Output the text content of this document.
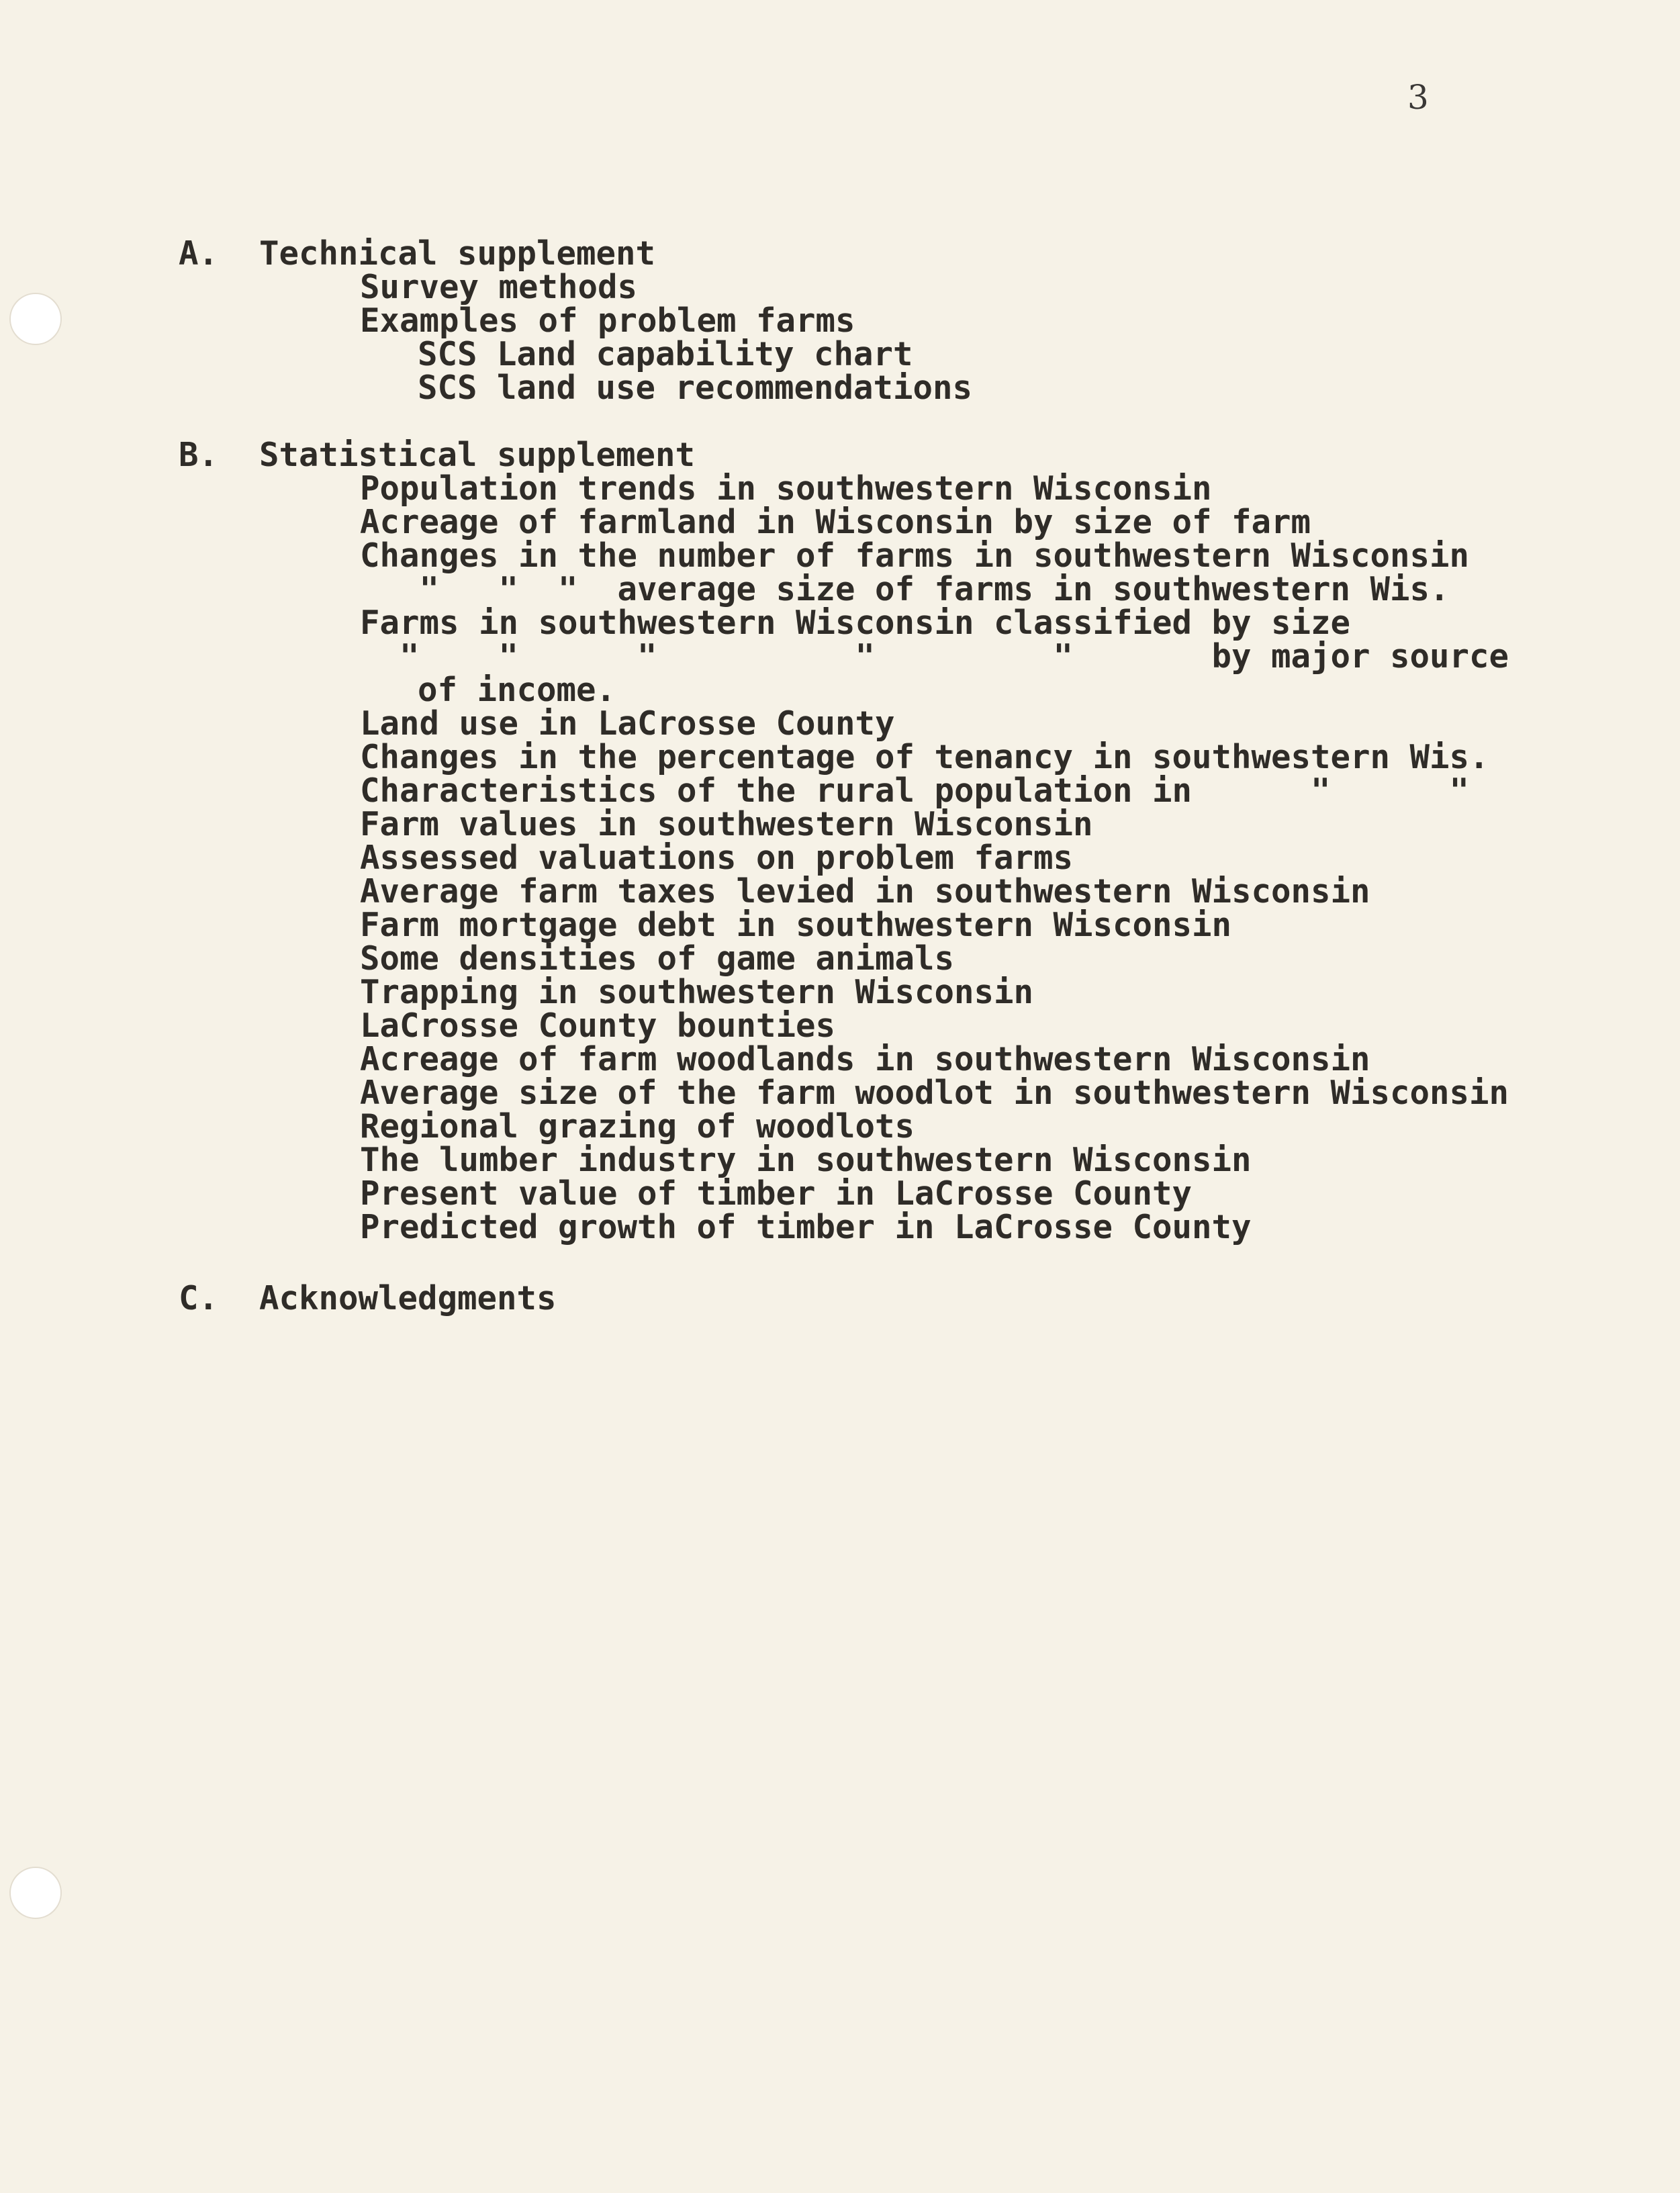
3
A. Technical supplement
Survey methods
Examples of problem farms
SCS Land capability chart
SCS land use recommendations
B. Statistical supplement
Population trends in southwestern Wisconsin
Acreage of farmland in Wisconsin by size of farm
Changes in the number of farms in southwestern Wisconsin
"   "  "  average size of farms in southwestern Wis.
Farms in southwestern Wisconsin classified by size
"    "      "          "         "       by major source
of income.
Land use in LaCrosse County
Changes in the percentage of tenancy in southwestern Wis.
Characteristics of the rural population in      "      "
Farm values in southwestern Wisconsin
Assessed valuations on problem farms
Average farm taxes levied in southwestern Wisconsin
Farm mortgage debt in southwestern Wisconsin
Some densities of game animals
Trapping in southwestern Wisconsin
LaCrosse County bounties
Acreage of farm woodlands in southwestern Wisconsin
Average size of the farm woodlot in southwestern Wisconsin
Regional grazing of woodlots
The lumber industry in southwestern Wisconsin
Present value of timber in LaCrosse County
Predicted growth of timber in LaCrosse County
C. Acknowledgments
